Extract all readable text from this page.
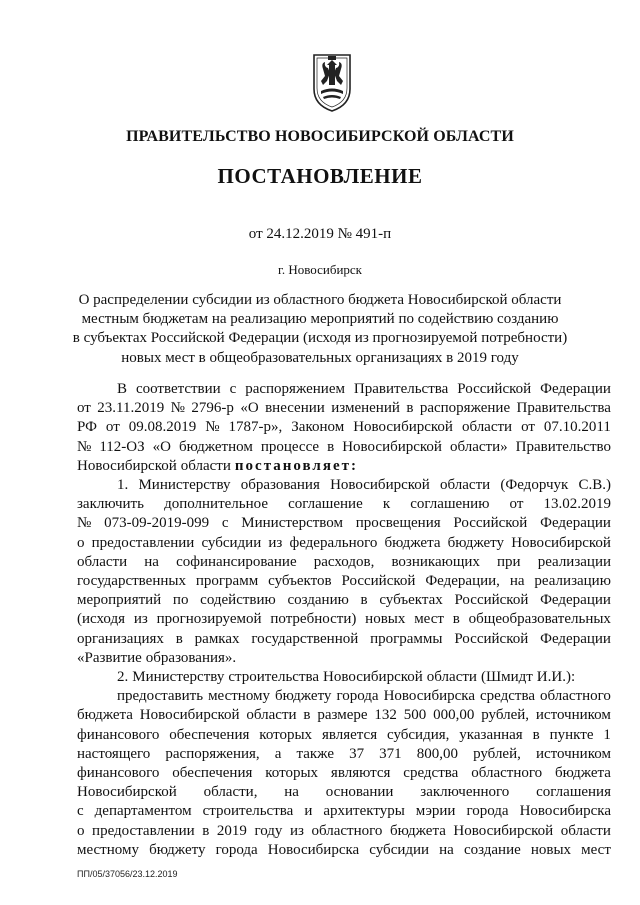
ПРАВИТЕЛЬСТВО НОВОСИБИРСКОЙ ОБЛАСТИ
ПОСТАНОВЛЕНИЕ
от 24.12.2019 № 491-п
г. Новосибирск
О распределении субсидии из областного бюджета Новосибирской области
местным бюджетам на реализацию мероприятий по содействию созданию
в субъектах Российской Федерации (исходя из прогнозируемой потребности)
новых мест в общеобразовательных организациях в 2019 году
В соответствии с распоряжением Правительства Российской Федерации
от 23.11.2019 № 2796-р «О внесении изменений в распоряжение Правительства
РФ от 09.08.2019 № 1787-р», Законом Новосибирской области от 07.10.2011
№ 112-ОЗ «О бюджетном процессе в Новосибирской области» Правительство
Новосибирской области постановляет :
1. Министерству образования Новосибирской области (Федорчук С.В.)
заключить дополнительное соглашение к соглашению от 13.02.2019
№ 073-09-2019-099 с Министерством просвещения Российской Федерации
о предоставлении субсидии из федерального бюджета бюджету Новосибирской
области на софинансирование расходов, возникающих при реализации
государственных программ субъектов Российской Федерации, на реализацию
мероприятий по содействию созданию в субъектах Российской Федерации
(исходя из прогнозируемой потребности) новых мест в общеобразовательных
организациях в рамках государственной программы Российской Федерации
«Развитие образования».
2. Министерству строительства Новосибирской области (Шмидт И.И.):
предоставить местному бюджету города Новосибирска средства областного
бюджета Новосибирской области в размере 132 500 000,00 рублей, источником
финансового обеспечения которых является субсидия, указанная в пункте 1
настоящего распоряжения, а также 37 371 800,00 рублей, источником
финансового обеспечения которых являются средства областного бюджета
Новосибирской области, на основании заключенного соглашения
с департаментом строительства и архитектуры мэрии города Новосибирска
о предоставлении в 2019 году из областного бюджета Новосибирской области
местному бюджету города Новосибирска субсидии на создание новых мест
ПП/05/37056/23.12.2019
